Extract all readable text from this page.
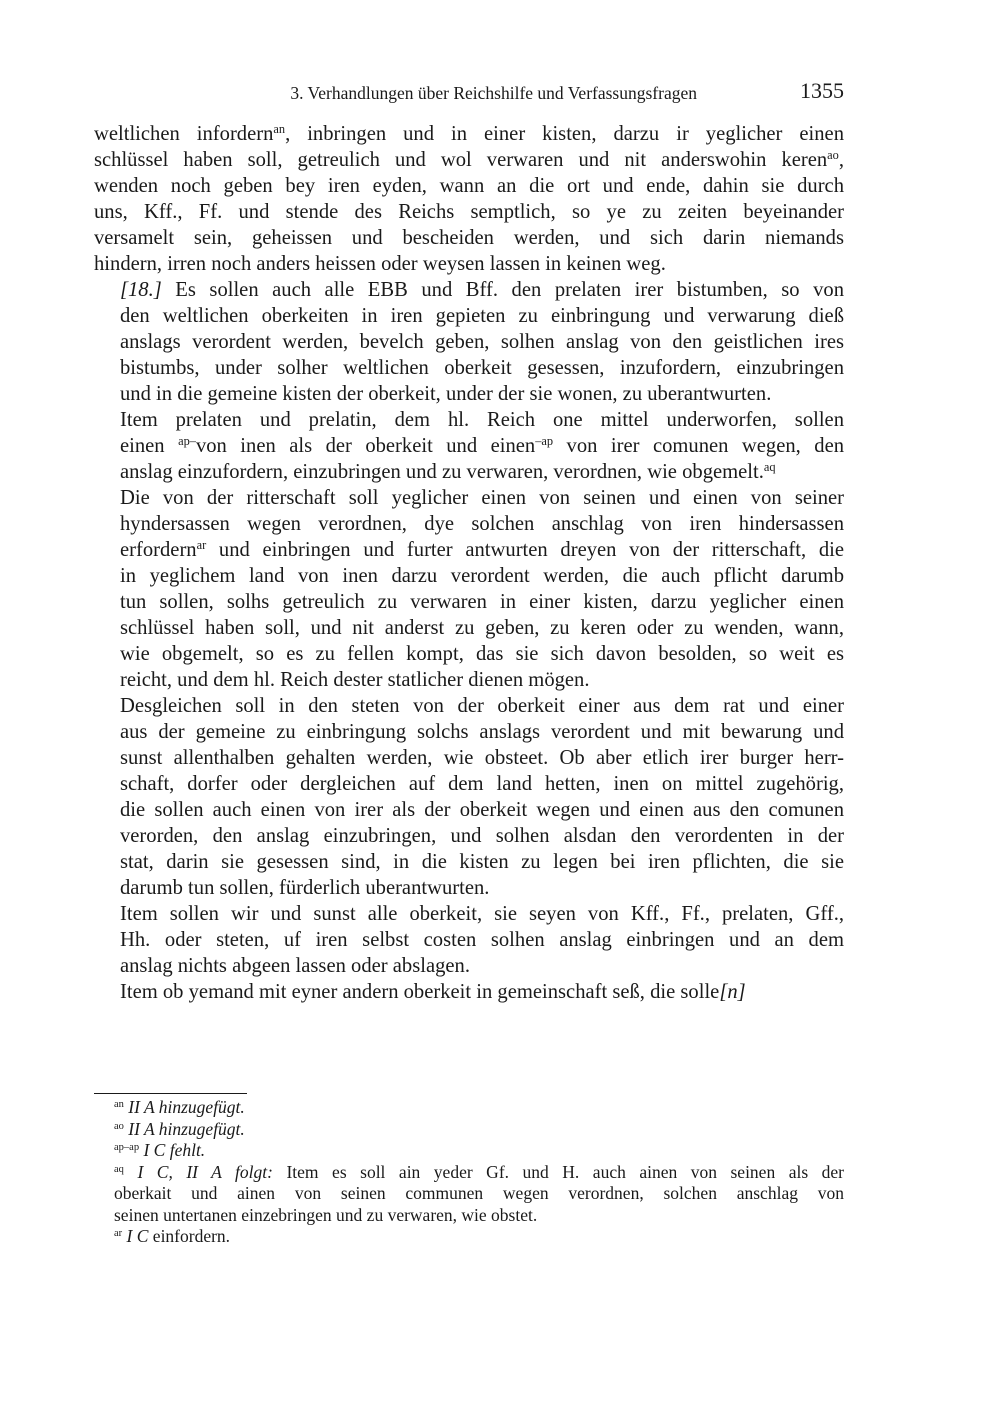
3. Verhandlungen über Reichshilfe und Verfassungsfragen	1355

weltlichen infordern$^{an}$, inbringen und in einer kisten, darzu ir yeglicher einen
schlüssel haben soll, getreulich und wol verwaren und nit anderswohin keren$^{ao}$,
wenden noch geben bey iren eyden, wann an die ort und ende, dahin sie durch
uns, Kff., Ff. und stende des Reichs semptlich, so ye zu zeiten beyeinander
versamelt sein, geheissen und bescheiden werden, und sich darin niemands
hindern, irren noch anders heissen oder weysen lassen in keinen weg.

[18.] Es sollen auch alle EBB und Bff. den prelaten irer bistumben, so von
den weltlichen oberkeiten in iren gepieten zu einbringung und verwarung dieß
anslags verordent werden, bevelch geben, solhen anslag von den geistlichen ires
bistumbs, under solher weltlichen oberkeit gesessen, inzufordern, einzubringen
und in die gemeine kisten der oberkeit, under der sie wonen, zu uberantwurten.

Item prelaten und prelatin, dem hl. Reich one mittel underworfen, sollen
einen $^{ap-}$von inen als der oberkeit und einen$^{-ap}$ von irer comunen wegen, den
anslag einzufordern, einzubringen und zu verwaren, verordnen, wie obgemelt.$^{aq}$

Die von der ritterschaft soll yeglicher einen von seinen und einen von seiner
hyndersassen wegen verordnen, dye solchen anschlag von iren hindersassen
erfordern$^{ar}$ und einbringen und furter antwurten dreyen von der ritterschaft, die
in yeglichem land von inen darzu verordent werden, die auch pflicht darumb
tun sollen, solhs getreulich zu verwaren in einer kisten, darzu yeglicher einen
schlüssel haben soll, und nit anderst zu geben, zu keren oder zu wenden, wann,
wie obgemelt, so es zu fellen kompt, das sie sich davon besolden, so weit es
reicht, und dem hl. Reich dester statlicher dienen mögen.

Desgleichen soll in den steten von der oberkeit einer aus dem rat und einer
aus der gemeine zu einbringung solchs anslags verordent und mit bewarung und
sunst allenthalben gehalten werden, wie obsteet. Ob aber etlich irer burger herr-
schaft, dorfer oder dergleichen auf dem land hetten, inen on mittel zugehörig,
die sollen auch einen von irer als der oberkeit wegen und einen aus den comunen
verorden, den anslag einzubringen, und solhen alsdan den verordenten in der
stat, darin sie gesessen sind, in die kisten zu legen bei iren pflichten, die sie
darumb tun sollen, fürderlich uberantwurten.

Item sollen wir und sunst alle oberkeit, sie seyen von Kff., Ff., prelaten, Gff.,
Hh. oder steten, uf iren selbst costen solhen anslag einbringen und an dem
anslag nichts abgeen lassen oder abslagen.

Item ob yemand mit eyner andern oberkeit in gemeinschaft seß, die solle[n]

$^{an}$ II A hinzugefügt.

$^{ao}$ II A hinzugefügt.

$^{ap-ap}$ I C fehlt.

$^{aq}$ I C, II A folgt: Item es soll ain yeder Gf. und H. auch ainen von seinen als der
oberkait und ainen von seinen communen wegen verordnen, solchen anschlag von
seinen untertanen einzebringen und zu verwaren, wie obstet.

$^{ar}$ I C einfordern.
